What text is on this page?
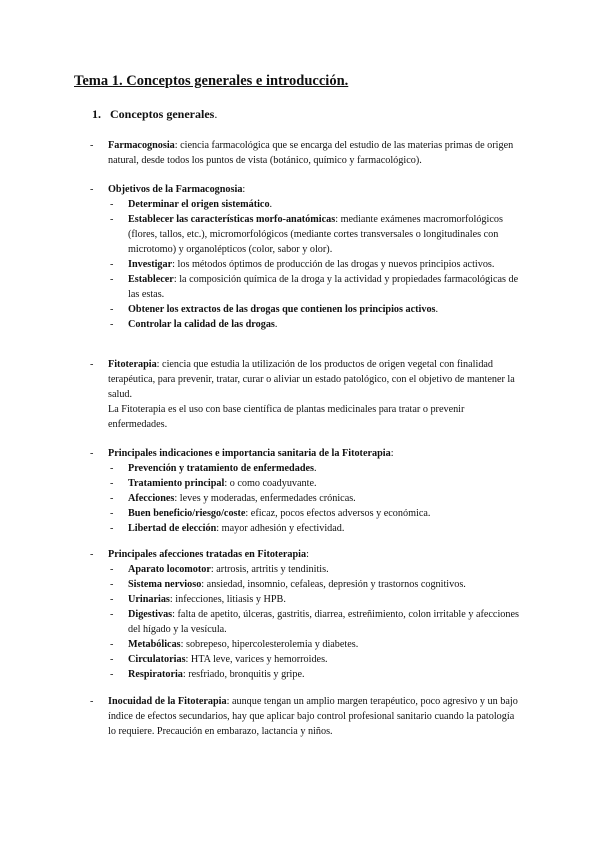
Tema 1. Conceptos generales e introducción.
1. Conceptos generales.
- Farmacognosia: ciencia farmacológica que se encarga del estudio de las materias primas de origen natural, desde todos los puntos de vista (botánico, químico y farmacológico).

- Objetivos de la Farmacognosia:

- Determinar el origen sistemático.
- Establecer las características morfo-anatómicas: mediante exámenes macromorfológicos (flores, tallos, etc.), micromorfológicos (mediante cortes transversales o longitudinales con microtomo) y organolépticos (color, sabor y olor).
- Investigar: los métodos óptimos de producción de las drogas y nuevos principios activos.
- Establecer: la composición química de la droga y la actividad y propiedades farmacológicas de las estas.
- Obtener los extractos de las drogas que contienen los principios activos.
- Controlar la calidad de las drogas.
- Fitoterapia: ciencia que estudia la utilización de los productos de origen vegetal con finalidad terapéutica, para prevenir, tratar, curar o aliviar un estado patológico, con el objetivo de mantener la salud.

La Fitoterapia es el uso con base científica de plantas medicinales para tratar o prevenir enfermedades.

- Principales indicaciones e importancia sanitaria de la Fitoterapia:

- Prevención y tratamiento de enfermedades.
- Tratamiento principal: o como coadyuvante.
- Afecciones: leves y moderadas, enfermedades crónicas.
- Buen beneficio/riesgo/coste: eficaz, pocos efectos adversos y económica.
- Libertad de elección: mayor adhesión y efectividad.
- Principales afecciones tratadas en Fitoterapia:

- Aparato locomotor: artrosis, artritis y tendinitis.
- Sistema nervioso: ansiedad, insomnio, cefaleas, depresión y trastornos cognitivos.
- Urinarias: infecciones, litiasis y HPB.
- Digestivas: falta de apetito, úlceras, gastritis, diarrea, estreñimiento, colon irritable y afecciones del hígado y la vesícula.
- Metabólicas: sobrepeso, hipercolesterolemia y diabetes.
- Circulatorias: HTA leve, varices y hemorroides.
- Respiratoria: resfriado, bronquitis y gripe.
- Inocuidad de la Fitoterapia: aunque tengan un amplio margen terapéutico, poco agresivo y un bajo índice de efectos secundarios, hay que aplicar bajo control profesional sanitario cuando la patología lo requiere. Precaución en embarazo, lactancia y niños.
